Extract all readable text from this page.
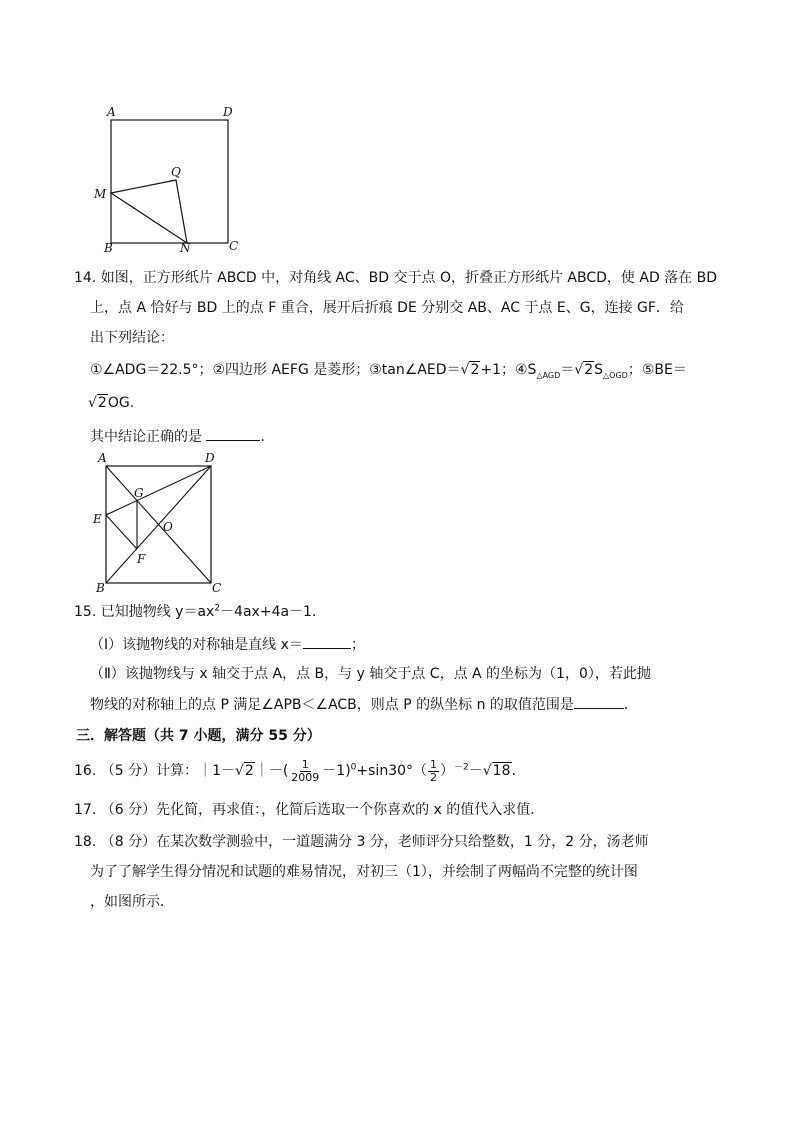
A	D
Q
M
B	N	C
14. 如图，正方形纸片 ABCD 中，对角线 AC、BD 交于点 O，折叠正方形纸片 ABCD，使 AD 落在 BD
上，点 A 恰好与 BD 上的点 F 重合，展开后折痕 DE 分别交 AB、AC 于点 E、G，连接 GF．给
出下列结论：
①∠ADG＝22.5°；②四边形 AEFG 是菱形；③tan∠AED＝√2+1；$④S_{\triangle AGD}=√2S_{\triangle OGD}$；⑤BE＝
√2OG.
其中结论正确的是	．
A	D
G
E
O
F
B	C
15. 已知抛物线 $y=ax^2-4ax+4a-1$．
（Ⅰ）该抛物线的对称轴是直线 x＝	；
（Ⅱ）该抛物线与 x 轴交于点 A，点 B，与 y 轴交于点 C，点 A 的坐标为（1，0），若此抛
物线的对称轴上的点 P 满足∠APB＜∠ACB，则点 P 的纵坐标 n 的取值范围是	．
三．解答题（共 7 小题，满分 55 分）
16. （5 分）计算：｜1－√2｜－( $\frac{1}{2009} -1)^0+\sin 30^\circ( \frac{1}{2} )^{-2}-√18$.
17. （6 分）先化简，再求值：，化简后选取一个你喜欢的 x 的值代入求值．
18. （8 分）在某次数学测验中，一道题满分 3 分，老师评分只给整数，1 分，2 分，汤老师
为了了解学生得分情况和试题的难易情况，对初三（1），并绘制了两幅尚不完整的统计图
，如图所示．
